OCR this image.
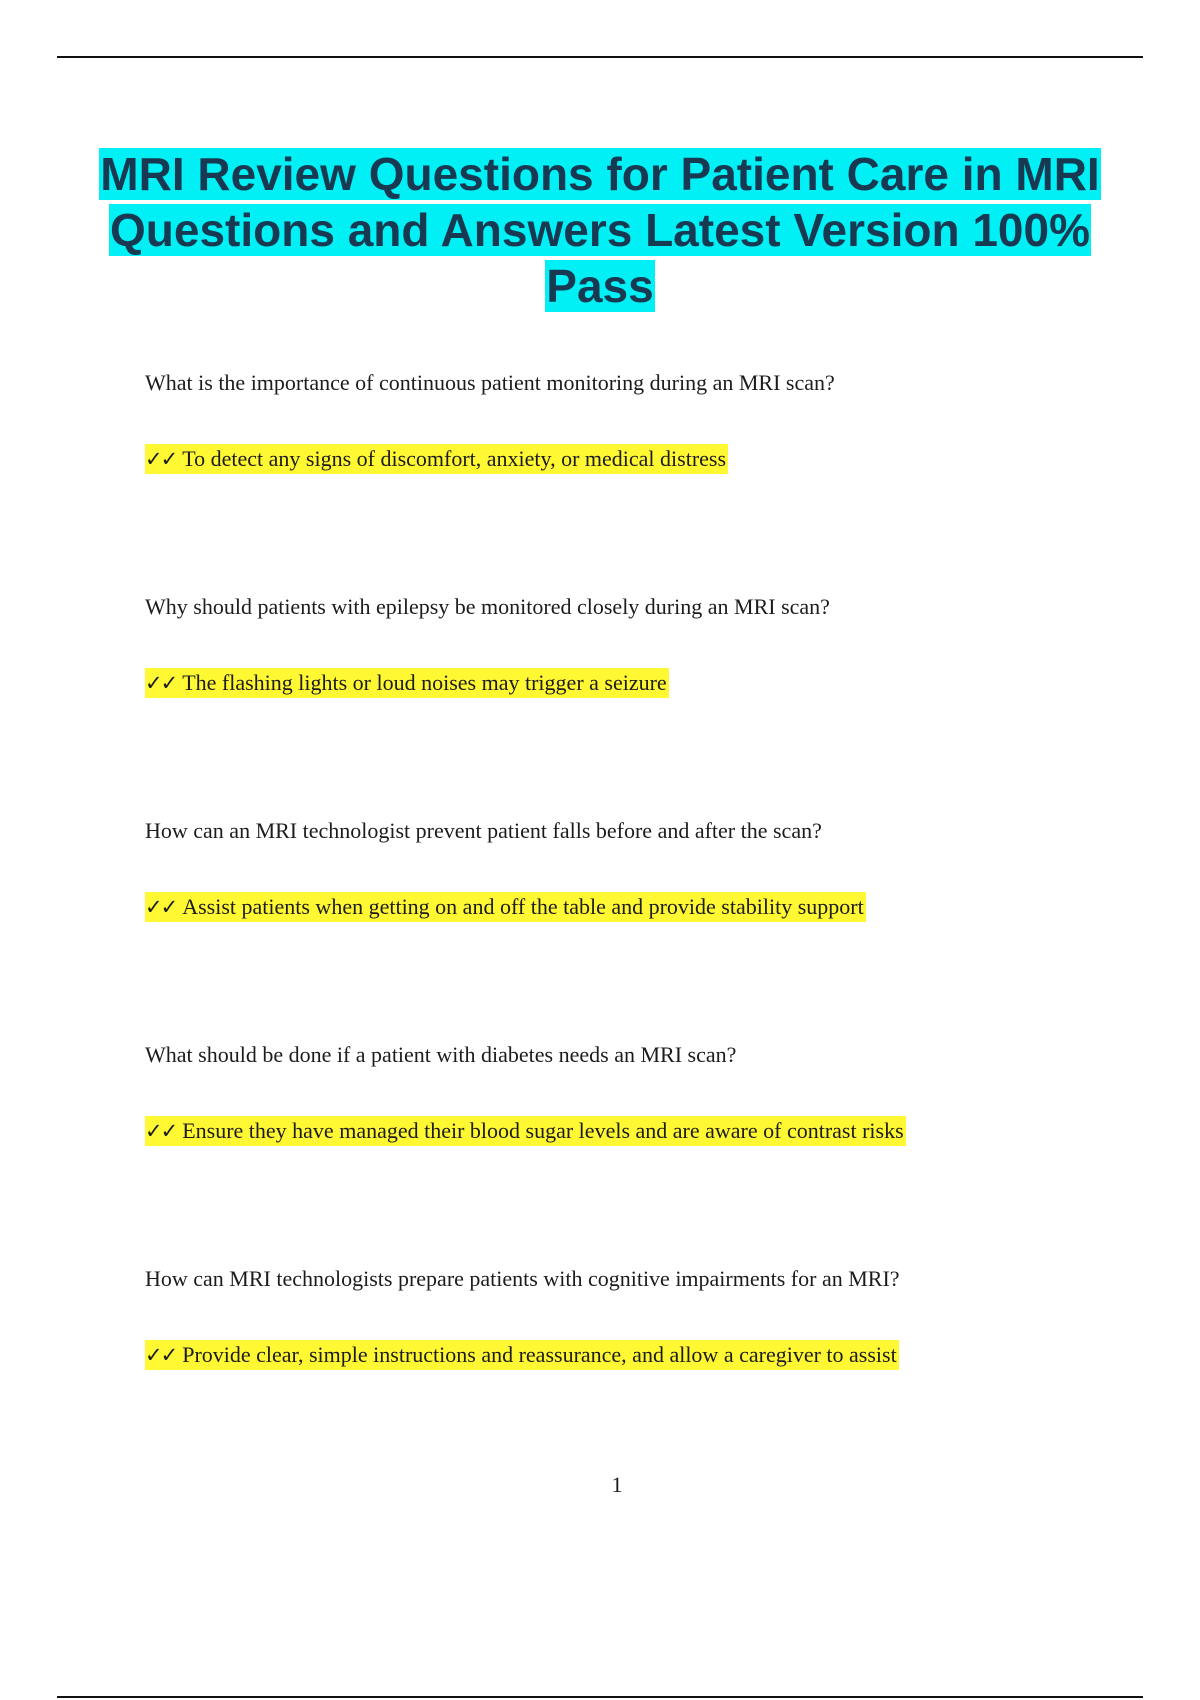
MRI Review Questions for Patient Care in MRI Questions and Answers Latest Version 100% Pass
What is the importance of continuous patient monitoring during an MRI scan?
✓✓ To detect any signs of discomfort, anxiety, or medical distress
Why should patients with epilepsy be monitored closely during an MRI scan?
✓✓ The flashing lights or loud noises may trigger a seizure
How can an MRI technologist prevent patient falls before and after the scan?
✓✓ Assist patients when getting on and off the table and provide stability support
What should be done if a patient with diabetes needs an MRI scan?
✓✓ Ensure they have managed their blood sugar levels and are aware of contrast risks
How can MRI technologists prepare patients with cognitive impairments for an MRI?
✓✓ Provide clear, simple instructions and reassurance, and allow a caregiver to assist
1
